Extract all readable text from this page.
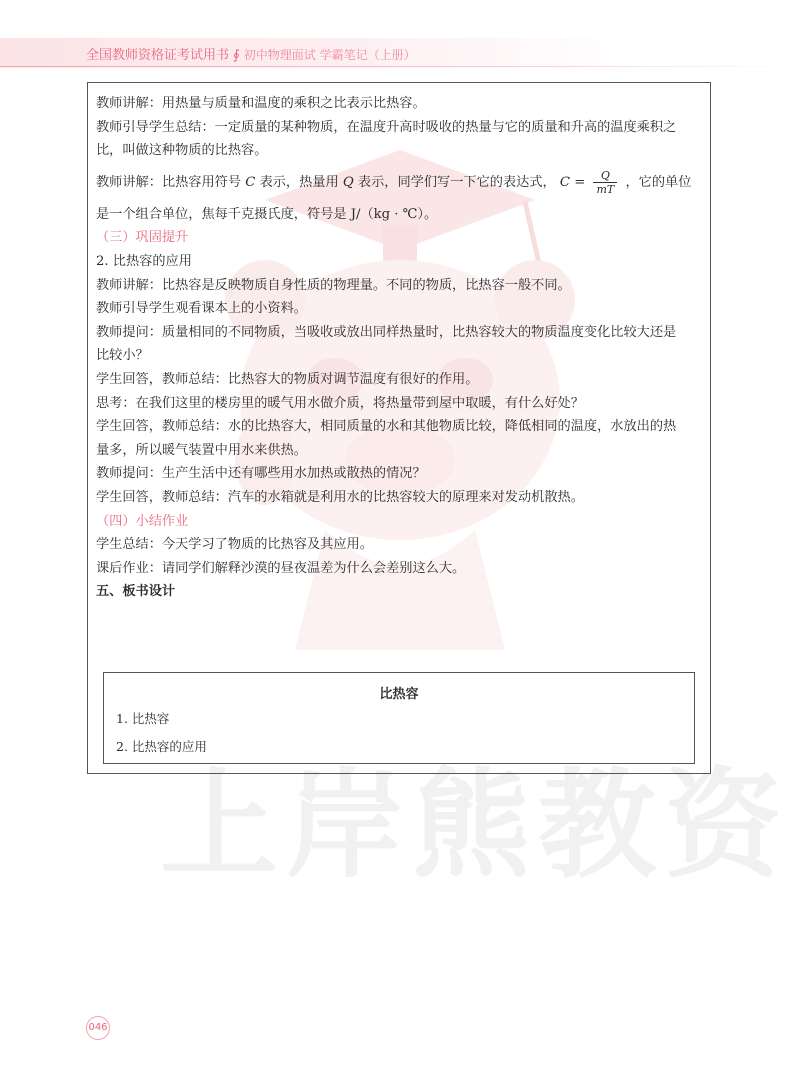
全国教师资格证考试用书 ∮ 初中物理面试 学霸笔记（上册）
上岸熊教资
教师讲解：用热量与质量和温度的乘积之比表示比热容。
教师引导学生总结：一定质量的某种物质，在温度升高时吸收的热量与它的质量和升高的温度乘积之
比，叫做这种物质的比热容。
教师讲解：比热容用符号 C 表示，热量用 Q 表示，同学们写一下它的表达式， $C = \frac{Q}{mT}$ ，它的单位
是一个组合单位，焦每千克摄氏度，符号是 J/（kg · ℃）。
（三）巩固提升
2. 比热容的应用
教师讲解：比热容是反映物质自身性质的物理量。不同的物质，比热容一般不同。
教师引导学生观看课本上的小资料。
教师提问：质量相同的不同物质，当吸收或放出同样热量时，比热容较大的物质温度变化比较大还是
比较小？
学生回答，教师总结：比热容大的物质对调节温度有很好的作用。
思考：在我们这里的楼房里的暖气用水做介质，将热量带到屋中取暖，有什么好处？
学生回答，教师总结：水的比热容大，相同质量的水和其他物质比较，降低相同的温度，水放出的热
量多，所以暖气装置中用水来供热。
教师提问：生产生活中还有哪些用水加热或散热的情况？
学生回答，教师总结：汽车的水箱就是利用水的比热容较大的原理来对发动机散热。
（四）小结作业
学生总结：今天学习了物质的比热容及其应用。
课后作业：请同学们解释沙漠的昼夜温差为什么会差别这么大。
五、板书设计
比热容
1. 比热容
2. 比热容的应用
046
